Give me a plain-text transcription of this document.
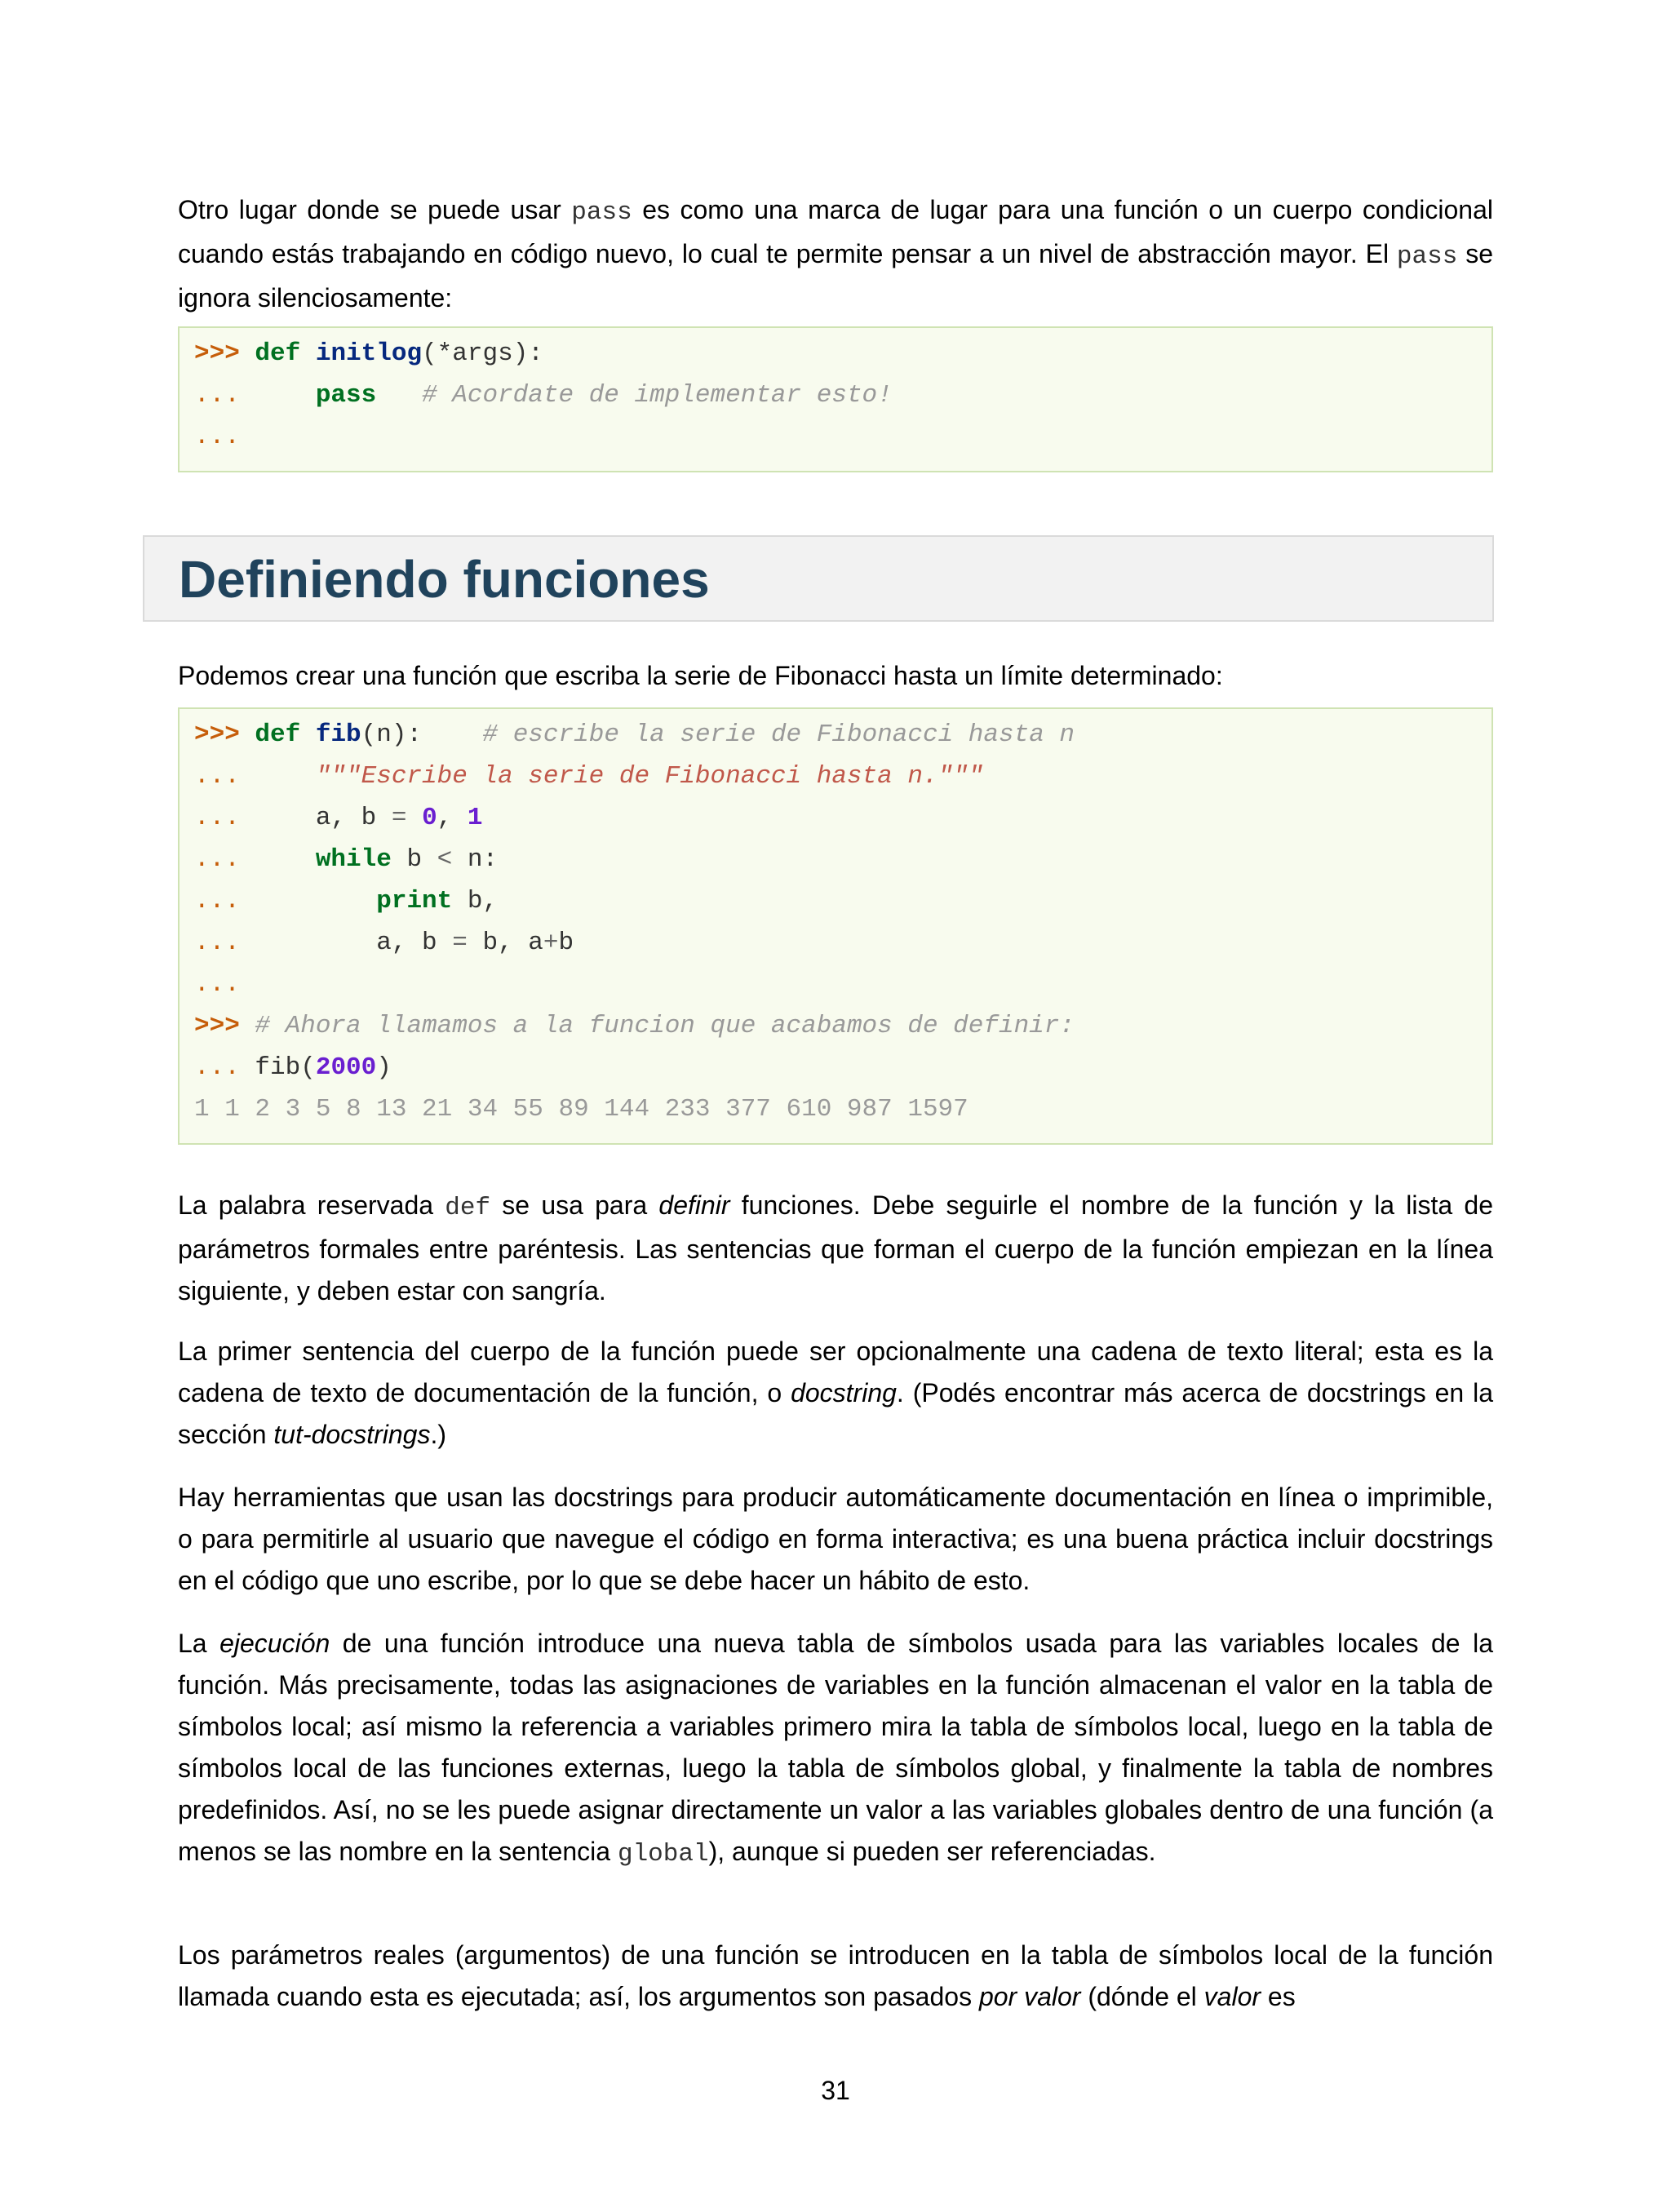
Otro lugar donde se puede usar pass es como una marca de lugar para una función o un cuerpo condicional cuando estás trabajando en código nuevo, lo cual te permite pensar a un nivel de abstracción mayor. El pass se ignora silenciosamente:

>>> def initlog(*args):
...	pass # Acordate de implementar esto!
...
Definiendo funciones

Podemos crear una función que escriba la serie de Fibonacci hasta un límite determinado:

>>> def fib(n): # escribe la serie de Fibonacci hasta n
...	"""Escribe la serie de Fibonacci hasta n."""
...	a, b = 0, 1
...	while b < n:
...	print b,
...	a, b = b, a+b
...
>>> # Ahora llamamos a la funcion que acabamos de definir:
... fib(2000)
1 1 2 3 5 8 13 21 34 55 89 144 233 377 610 987 1597

La palabra reservada def se usa para definir funciones. Debe seguirle el nombre de la función y la lista de parámetros formales entre paréntesis. Las sentencias que forman el cuerpo de la función empiezan en la línea siguiente, y deben estar con sangría.

La primer sentencia del cuerpo de la función puede ser opcionalmente una cadena de texto literal; esta es la cadena de texto de documentación de la función, o docstring. (Podés encontrar más acerca de docstrings en la sección tut-docstrings.)

Hay herramientas que usan las docstrings para producir automáticamente documentación en línea o imprimible, o para permitirle al usuario que navegue el código en forma interactiva; es una buena práctica incluir docstrings en el código que uno escribe, por lo que se debe hacer un hábito de esto.

La ejecución de una función introduce una nueva tabla de símbolos usada para las variables locales de la función. Más precisamente, todas las asignaciones de variables en la función almacenan el valor en la tabla de símbolos local; así mismo la referencia a variables primero mira la tabla de símbolos local, luego en la tabla de símbolos local de las funciones externas, luego la tabla de símbolos global, y finalmente la tabla de nombres predefinidos. Así, no se les puede asignar directamente un valor a las variables globales dentro de una función (a menos se las nombre en la sentencia global), aunque si pueden ser referenciadas.

Los parámetros reales (argumentos) de una función se introducen en la tabla de símbolos local de la función llamada cuando esta es ejecutada; así, los argumentos son pasados por valor (dónde el valor es

31
